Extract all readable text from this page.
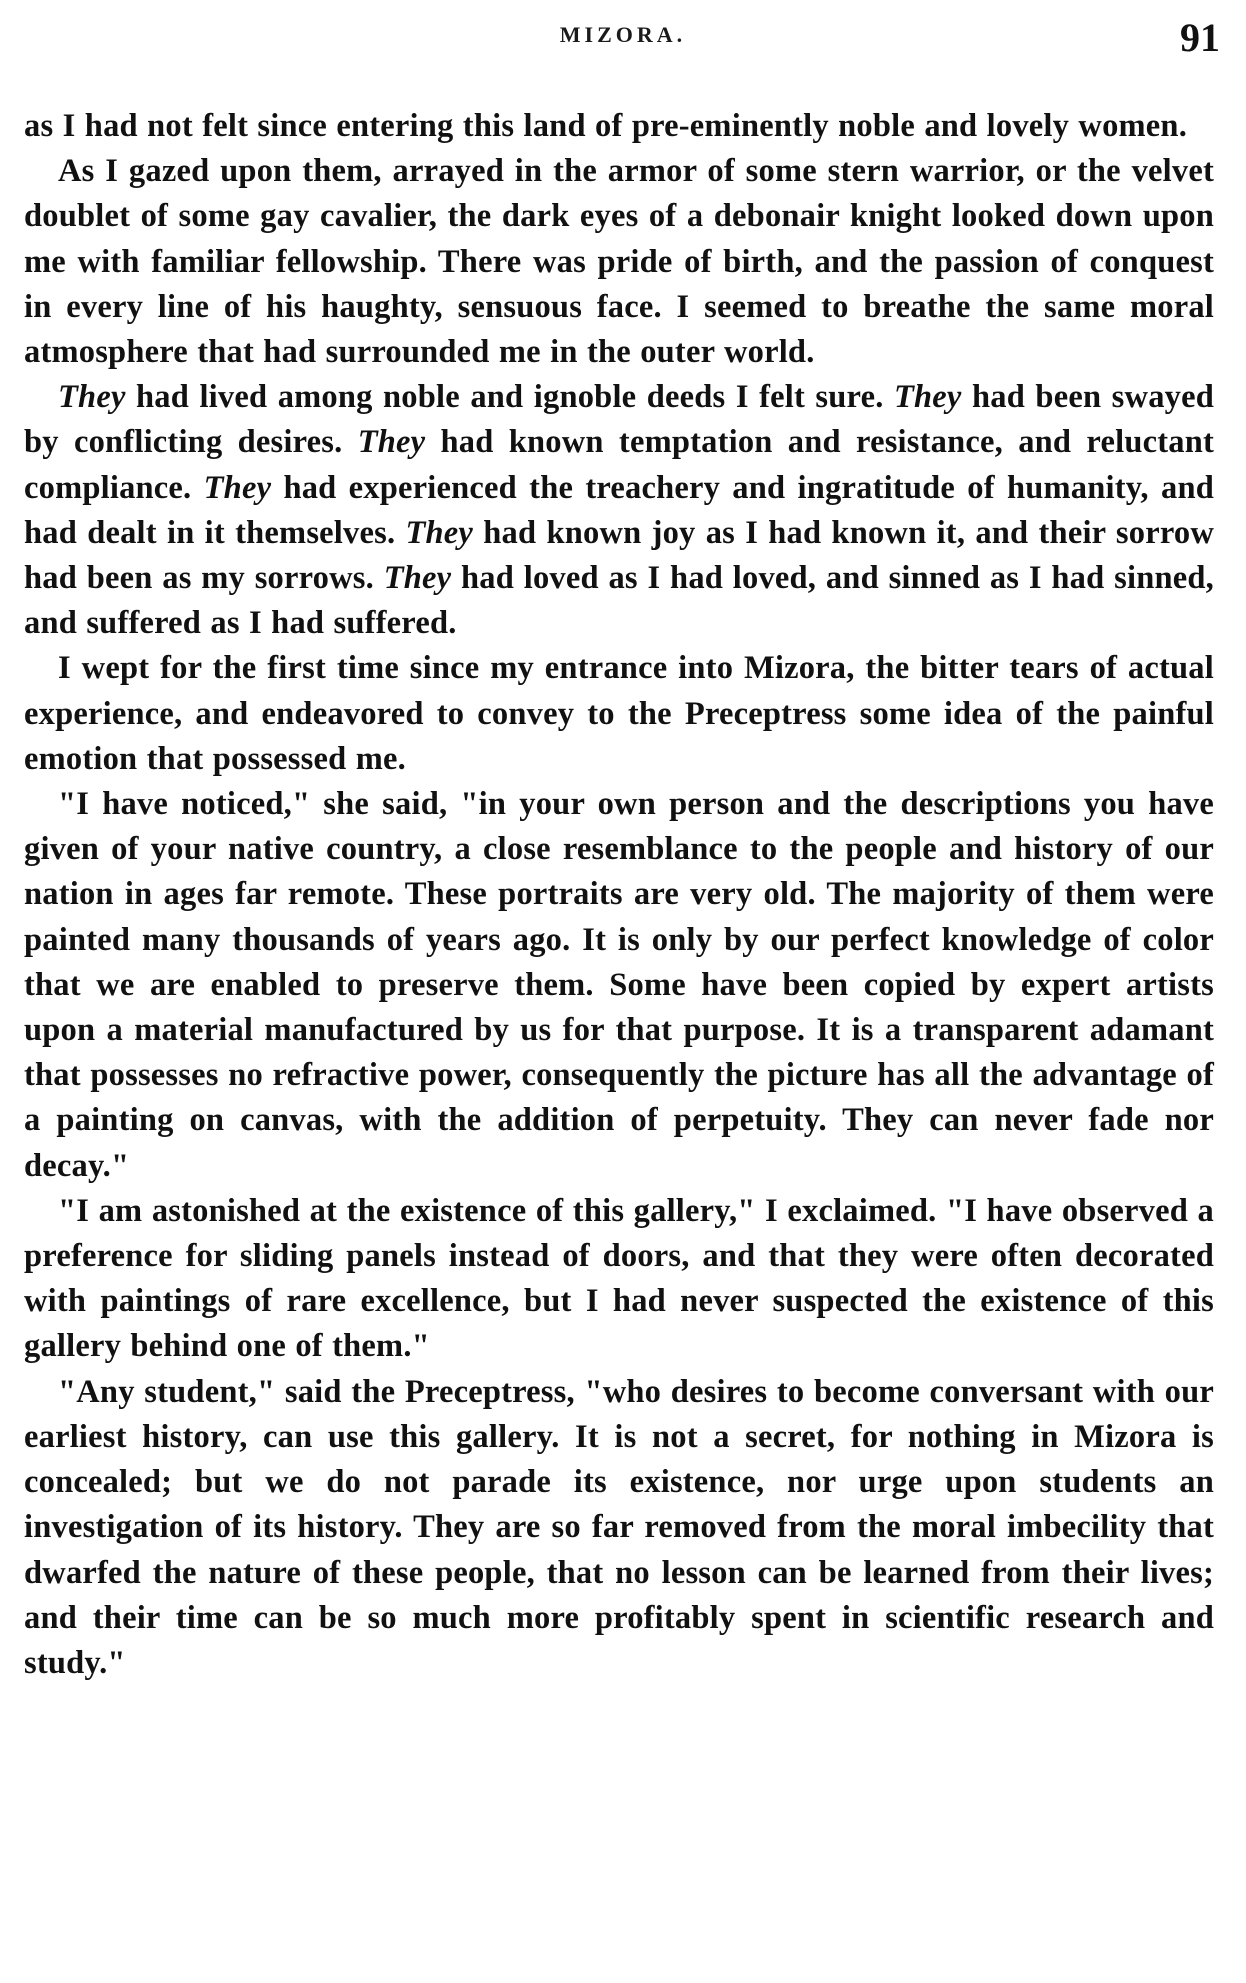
MIZORA.	91

as I had not felt since entering this land of pre-eminently noble and lovely women.

As I gazed upon them, arrayed in the armor of some stern warrior, or the velvet doublet of some gay cavalier, the dark eyes of a debonair knight looked down upon me with familiar fellowship. There was pride of birth, and the passion of conquest in every line of his haughty, sensuous face. I seemed to breathe the same moral atmosphere that had surrounded me in the outer world.

They had lived among noble and ignoble deeds I felt sure. They had been swayed by conflicting desires. They had known temptation and resistance, and reluctant compliance. They had experienced the treachery and ingratitude of humanity, and had dealt in it themselves. They had known joy as I had known it, and their sorrow had been as my sorrows. They had loved as I had loved, and sinned as I had sinned, and suffered as I had suffered.

I wept for the first time since my entrance into Mizora, the bitter tears of actual experience, and endeavored to convey to the Preceptress some idea of the painful emotion that possessed me.

"I have noticed," she said, "in your own person and the descriptions you have given of your native country, a close resemblance to the people and history of our nation in ages far remote. These portraits are very old. The majority of them were painted many thousands of years ago. It is only by our perfect knowledge of color that we are enabled to preserve them. Some have been copied by expert artists upon a material manufactured by us for that purpose. It is a transparent adamant that possesses no refractive power, consequently the picture has all the advantage of a painting on canvas, with the addition of perpetuity. They can never fade nor decay."

"I am astonished at the existence of this gallery," I exclaimed. "I have observed a preference for sliding panels instead of doors, and that they were often decorated with paintings of rare excellence, but I had never suspected the existence of this gallery behind one of them."

"Any student," said the Preceptress, "who desires to become conversant with our earliest history, can use this gallery. It is not a secret, for nothing in Mizora is concealed; but we do not parade its existence, nor urge upon students an investigation of its history. They are so far removed from the moral imbecility that dwarfed the nature of these people, that no lesson can be learned from their lives; and their time can be so much more profitably spent in scientific research and study."
